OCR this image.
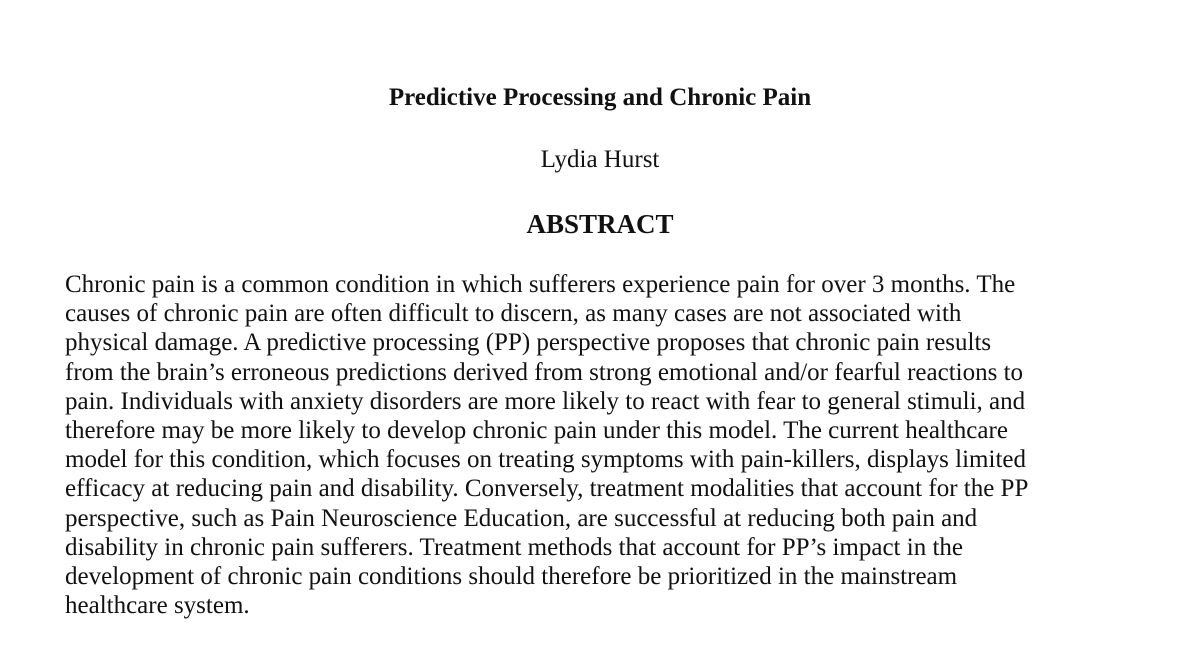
Predictive Processing and Chronic Pain

Lydia Hurst

ABSTRACT
Chronic pain is a common condition in which sufferers experience pain for over 3 months. The
causes of chronic pain are often difficult to discern, as many cases are not associated with
physical damage. A predictive processing (PP) perspective proposes that chronic pain results
from the brain’s erroneous predictions derived from strong emotional and/or fearful reactions to
pain. Individuals with anxiety disorders are more likely to react with fear to general stimuli, and
therefore may be more likely to develop chronic pain under this model. The current healthcare
model for this condition, which focuses on treating symptoms with pain-killers, displays limited
efficacy at reducing pain and disability. Conversely, treatment modalities that account for the PP
perspective, such as Pain Neuroscience Education, are successful at reducing both pain and
disability in chronic pain sufferers. Treatment methods that account for PP’s impact in the
development of chronic pain conditions should therefore be prioritized in the mainstream
healthcare system.
